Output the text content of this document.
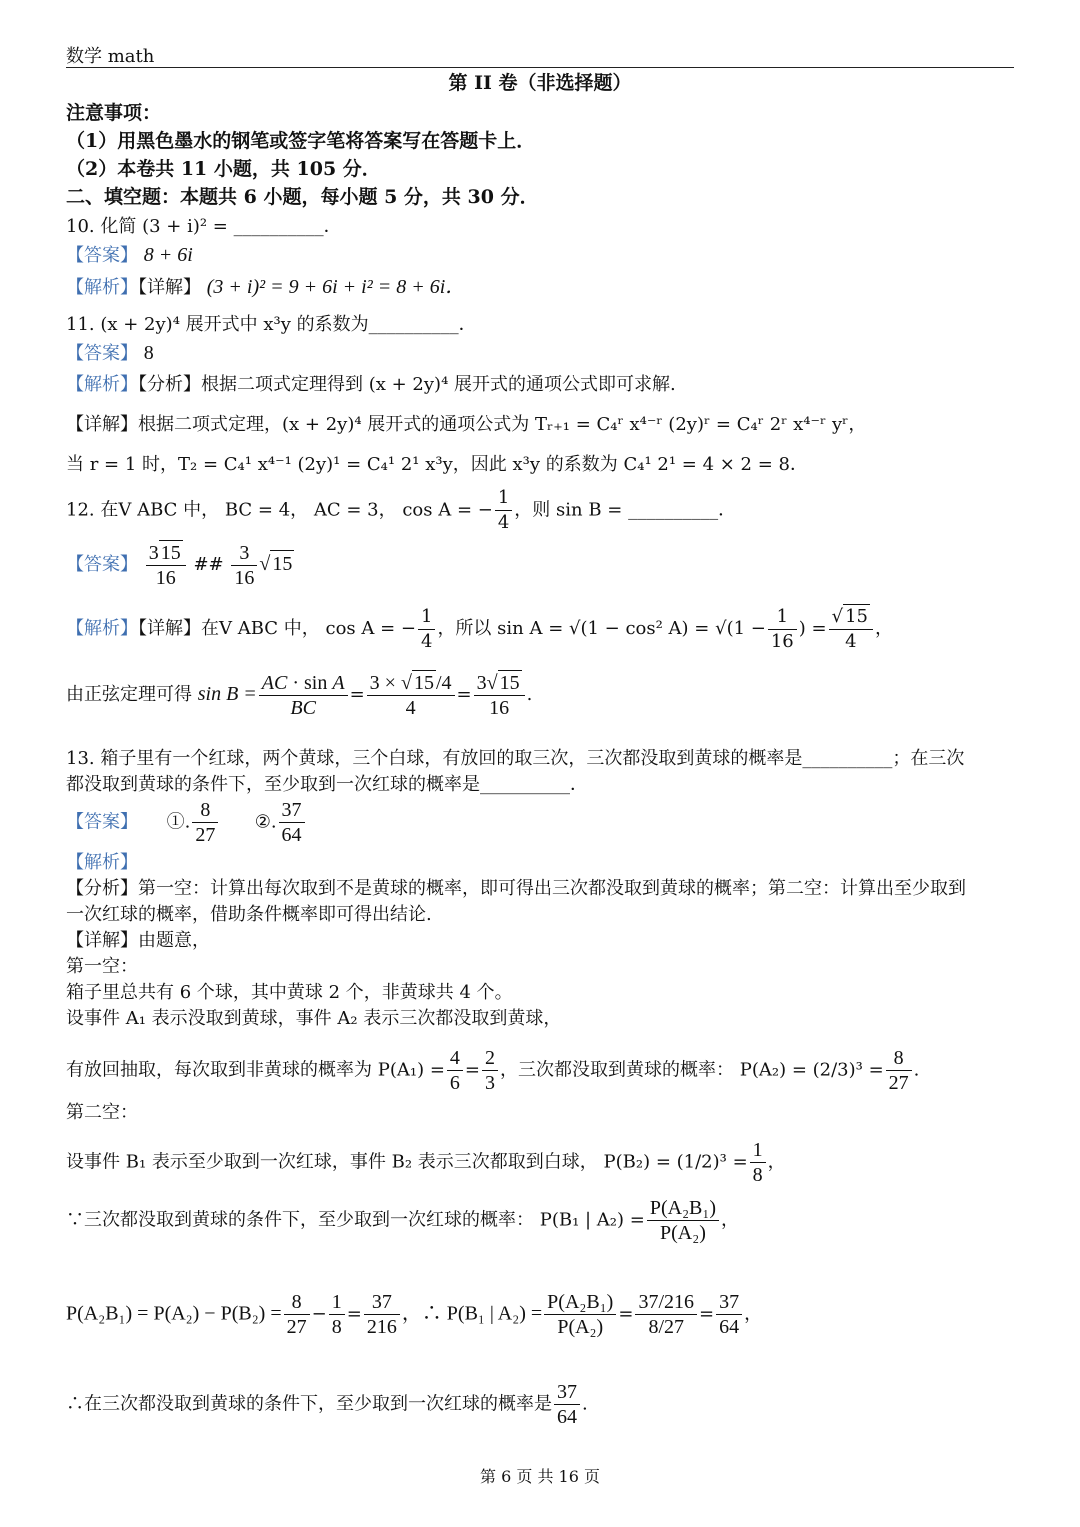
数学 math
第 II 卷（非选择题）
注意事项：
（1）用黑色墨水的钢笔或签字笔将答案写在答题卡上．
（2）本卷共 11 小题，共 105 分．
二、填空题：本题共 6 小题，每小题 5 分，共 30 分．
10. 化简 (3 + i)² = __________．
【答案】 8 + 6i
【解析】【详解】 (3 + i)² = 9 + 6i + i² = 8 + 6i．
11. (x + 2y)⁴ 展开式中 x³y 的系数为__________．
【答案】 8
【解析】【分析】根据二项式定理得到 (x + 2y)⁴ 展开式的通项公式即可求解.
【详解】根据二项式定理，(x + 2y)⁴ 展开式的通项公式为 Tᵣ₊₁ = C₄ʳ x⁴⁻ʳ (2y)ʳ = C₄ʳ 2ʳ x⁴⁻ʳ yʳ，
当 r = 1 时，T₂ = C₄¹ x⁴⁻¹ (2y)¹ = C₄¹ 2¹ x³y，因此 x³y 的系数为 C₄¹ 2¹ = 4 × 2 = 8．
12. 在V ABC 中， BC = 4， AC = 3， cos A = − $\frac{1}{4}$ ，则 sin B = __________．
【答案】 $\frac{3 15}{16}$ ## $\frac{3}{16}$ √ 15
【解析】【详解】在V ABC 中， cos A = − $\frac{1}{4}$ ，所以 sin A = √(1 − cos² $A) = √(1 - \frac{1}{16}$ ) = $\frac{√ 15}{4}$ ，
由正弦定理可得 $\sin B = \frac{\text{AC · sin A}}{BC} = \frac{3 \times √ 15 /4}{4} = \frac{3√ 15}{16}$ .
13. 箱子里有一个红球，两个黄球，三个白球，有放回的取三次，三次都没取到黄球的概率是__________；在三次
都没取到黄球的条件下，至少取到一次红球的概率是__________．
【答案】 ①. $\frac{8}{27}$ ②. $\frac{37}{64}$
【解析】
【分析】第一空：计算出每次取到不是黄球的概率，即可得出三次都没取到黄球的概率；第二空：计算出至少取到
一次红球的概率，借助条件概率即可得出结论.
【详解】由题意，
第一空：
箱子里总共有 6 个球，其中黄球 2 个，非黄球共 4 个。
设事件 A₁ 表示没取到黄球，事件 A₂ 表示三次都没取到黄球，
有放回抽取，每次取到非黄球的概率为 $P(A_1) = \frac{4}{6} = \frac{2}{3}$ ，三次都没取到黄球的概率： $P(A_2) = (2/3)^3 = \frac{8}{27}$ .
第二空：
设事件 B₁ 表示至少取到一次红球，事件 B₂ 表示三次都取到白球， $P(B_2) = (1/2)^3 = \frac{1}{8}$ ，
∵三次都没取到黄球的条件下，至少取到一次红球的概率： P(B₁ | $A_2) = \frac{\text{P(A₂B₁)}}{\text{P(A₂)}}$ ，
$P(A_2B_1) = P(A_2) - P(B_2) = \frac{8}{27} - \frac{1}{8} = \frac{37}{216}$ ，∴ P(B₁ | $A_2) = \frac{\text{P(A₂B₁)}}{\text{P(A₂)}} = \frac{37/216}{8/27} = \frac{37}{64}$ ，
∴在三次都没取到黄球的条件下，至少取到一次红球的概率是 $\frac{37}{64}$ .
第 6 页 共 16 页
